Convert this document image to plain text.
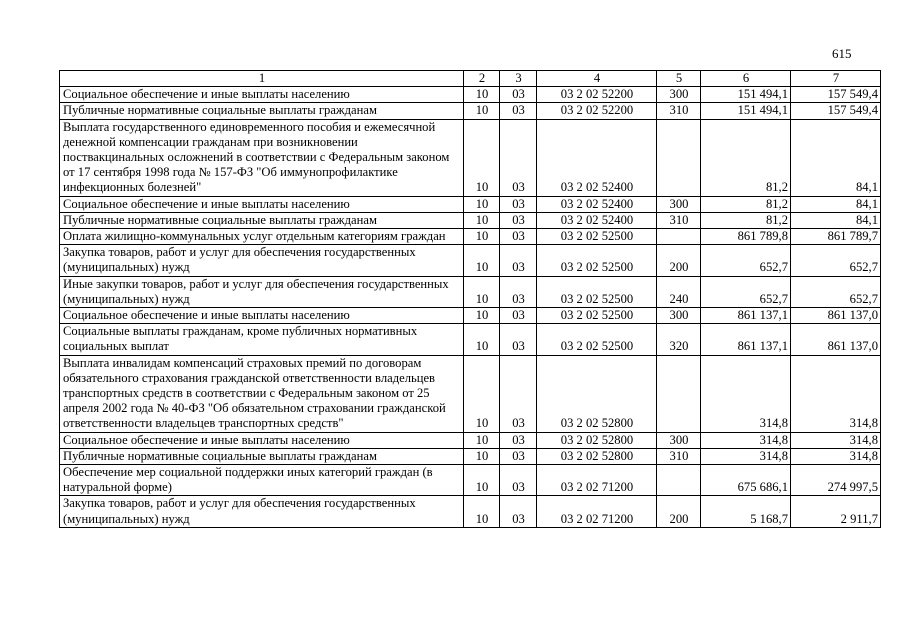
615
1	2	3	4	5	6	7
Социальное обеспечение и иные выплаты населению	10	03	03 2 02 52200	300	151 494,1	157 549,4
Публичные нормативные социальные выплаты гражданам	10	03	03 2 02 52200	310	151 494,1	157 549,4
Выплата государственного единовременного пособия и ежемесячной денежной компенсации гражданам при возникновении поствакцинальных осложнений в соответствии с Федеральным законом от 17 сентября 1998 года № 157-ФЗ "Об иммунопрофилактике инфекционных болезней"	10	03	03 2 02 52400		81,2	84,1
Социальное обеспечение и иные выплаты населению	10	03	03 2 02 52400	300	81,2	84,1
Публичные нормативные социальные выплаты гражданам	10	03	03 2 02 52400	310	81,2	84,1
Оплата жилищно-коммунальных услуг отдельным категориям граждан	10	03	03 2 02 52500		861 789,8	861 789,7
Закупка товаров, работ и услуг для обеспечения государственных (муниципальных) нужд	10	03	03 2 02 52500	200	652,7	652,7
Иные закупки товаров, работ и услуг для обеспечения государственных (муниципальных) нужд	10	03	03 2 02 52500	240	652,7	652,7
Социальное обеспечение и иные выплаты населению	10	03	03 2 02 52500	300	861 137,1	861 137,0
Социальные выплаты гражданам, кроме публичных нормативных социальных выплат	10	03	03 2 02 52500	320	861 137,1	861 137,0
Выплата инвалидам компенсаций страховых премий по договорам обязательного страхования гражданской ответственности владельцев транспортных средств в соответствии с Федеральным законом от 25 апреля 2002 года № 40-ФЗ "Об обязательном страховании гражданской ответственности владельцев транспортных средств"	10	03	03 2 02 52800		314,8	314,8
Социальное обеспечение и иные выплаты населению	10	03	03 2 02 52800	300	314,8	314,8
Публичные нормативные социальные выплаты гражданам	10	03	03 2 02 52800	310	314,8	314,8
Обеспечение мер социальной поддержки иных категорий граждан (в натуральной форме)	10	03	03 2 02 71200		675 686,1	274 997,5
Закупка товаров, работ и услуг для обеспечения государственных (муниципальных) нужд	10	03	03 2 02 71200	200	5 168,7	2 911,7
